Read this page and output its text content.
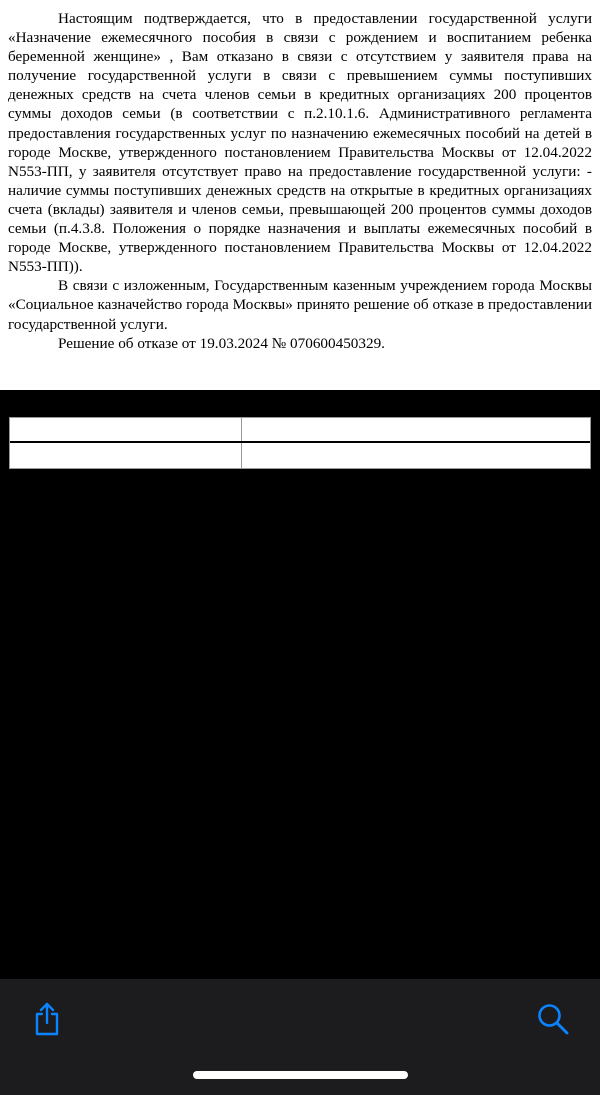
Настоящим подтверждается, что в предоставлении государственной услуги «Назначение ежемесячного пособия в связи с рождением и воспитанием ребенка беременной женщине» , Вам отказано в связи с отсутствием у заявителя права на получение государственной услуги в связи с превышением суммы поступивших денежных средств на счета членов семьи в кредитных организациях 200 процентов суммы доходов семьи (в соответствии с п.2.10.1.6. Административного регламента предоставления государственных услуг по назначению ежемесячных пособий на детей в городе Москве, утвержденного постановлением Правительства Москвы от 12.04.2022 N553-ПП, у заявителя отсутствует право на предоставление государственной услуги: - наличие суммы поступивших денежных средств на открытые в кредитных организациях счета (вклады) заявителя и членов семьи, превышающей 200 процентов суммы доходов семьи (п.4.3.8. Положения о порядке назначения и выплаты ежемесячных пособий в городе Москве, утвержденного постановлением Правительства Москвы от 12.04.2022 N553-ПП)).

В связи с изложенным, Государственным казенным учреждением города Москвы «Социальное казначейство города Москвы» принято решение об отказе в предоставлении государственной услуги.

Решение об отказе от 19.03.2024 № 070600450329.
